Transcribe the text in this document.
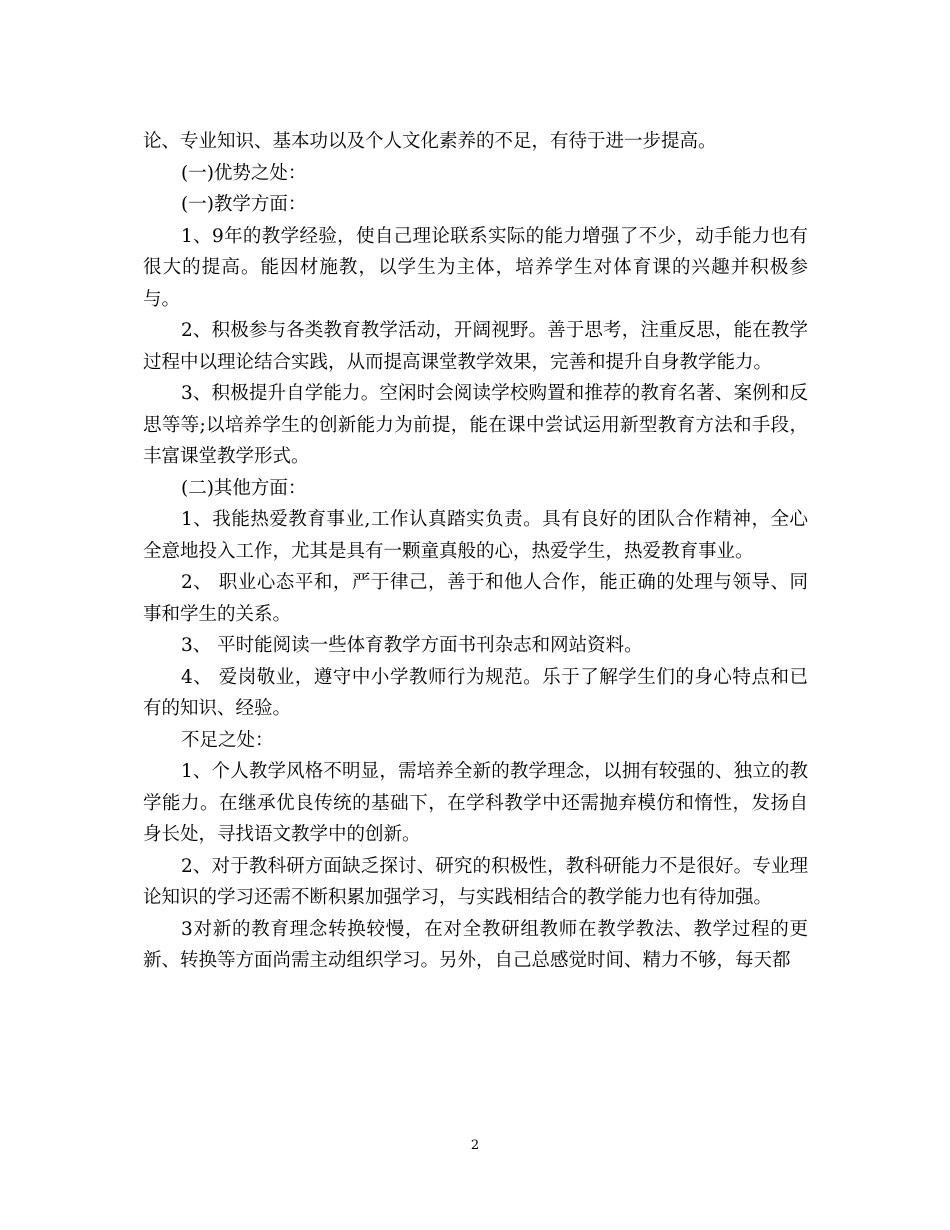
论、专业知识、基本功以及个人文化素养的不足，有待于进一步提高。

(一)优势之处：

(一)教学方面：

1、9年的教学经验，使自己理论联系实际的能力增强了不少，动手能力也有很大的提高。能因材施教，以学生为主体，培养学生对体育课的兴趣并积极参与。

2、积极参与各类教育教学活动，开阔视野。善于思考，注重反思，能在教学过程中以理论结合实践，从而提高课堂教学效果，完善和提升自身教学能力。

3、积极提升自学能力。空闲时会阅读学校购置和推荐的教育名著、案例和反思等等;以培养学生的创新能力为前提，能在课中尝试运用新型教育方法和手段，丰富课堂教学形式。

(二)其他方面：

1、我能热爱教育事业,工作认真踏实负责。具有良好的团队合作精神，全心全意地投入工作，尤其是具有一颗童真般的心，热爱学生，热爱教育事业。

2、 职业心态平和，严于律己，善于和他人合作，能正确的处理与领导、同事和学生的关系。

3、 平时能阅读一些体育教学方面书刊杂志和网站资料。

4、 爱岗敬业，遵守中小学教师行为规范。乐于了解学生们的身心特点和已有的知识、经验。

不足之处：

1、个人教学风格不明显，需培养全新的教学理念，以拥有较强的、独立的教学能力。在继承优良传统的基础下，在学科教学中还需抛弃模仿和惰性，发扬自身长处，寻找语文教学中的创新。

2、对于教科研方面缺乏探讨、研究的积极性，教科研能力不是很好。专业理论知识的学习还需不断积累加强学习，与实践相结合的教学能力也有待加强。

3对新的教育理念转换较慢，在对全教研组教师在教学教法、教学过程的更新、转换等方面尚需主动组织学习。另外，自己总感觉时间、精力不够，每天都

2
